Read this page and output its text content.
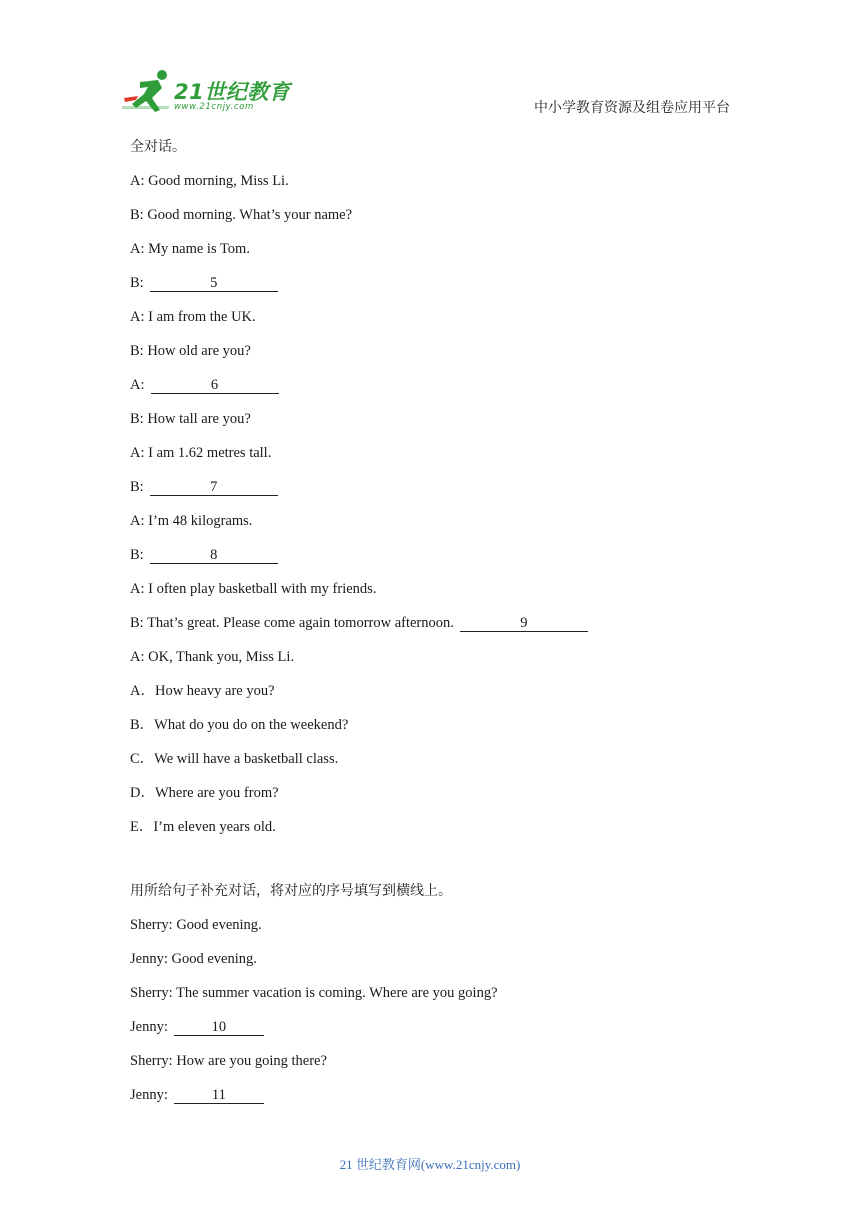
21世纪教育
www.21cnjy.com	中小学教育资源及组卷应用平台
全对话。
A: Good morning, Miss Li.
B: Good morning. What’s your name?
A: My name is Tom.
B:	5
A: I am from the UK.
B: How old are you?
A:	6
B: How tall are you?
A: I am 1.62 metres tall.
B:	7
A: I’m 48 kilograms.
B:	8
A: I often play basketball with my friends.
B: That’s great. Please come again tomorrow afternoon.	9
A: OK, Thank you, Miss Li.
A．How heavy are you?
B．What do you do on the weekend?
C．We will have a basketball class.
D．Where are you from?
E．I’m eleven years old.
用所给句子补充对话，将对应的序号填写到横线上。
Sherry: Good evening.
Jenny: Good evening.
Sherry: The summer vacation is coming. Where are you going?
Jenny:	10
Sherry: How are you going there?
Jenny:	11
21 世纪教育网(www.21cnjy.com)
